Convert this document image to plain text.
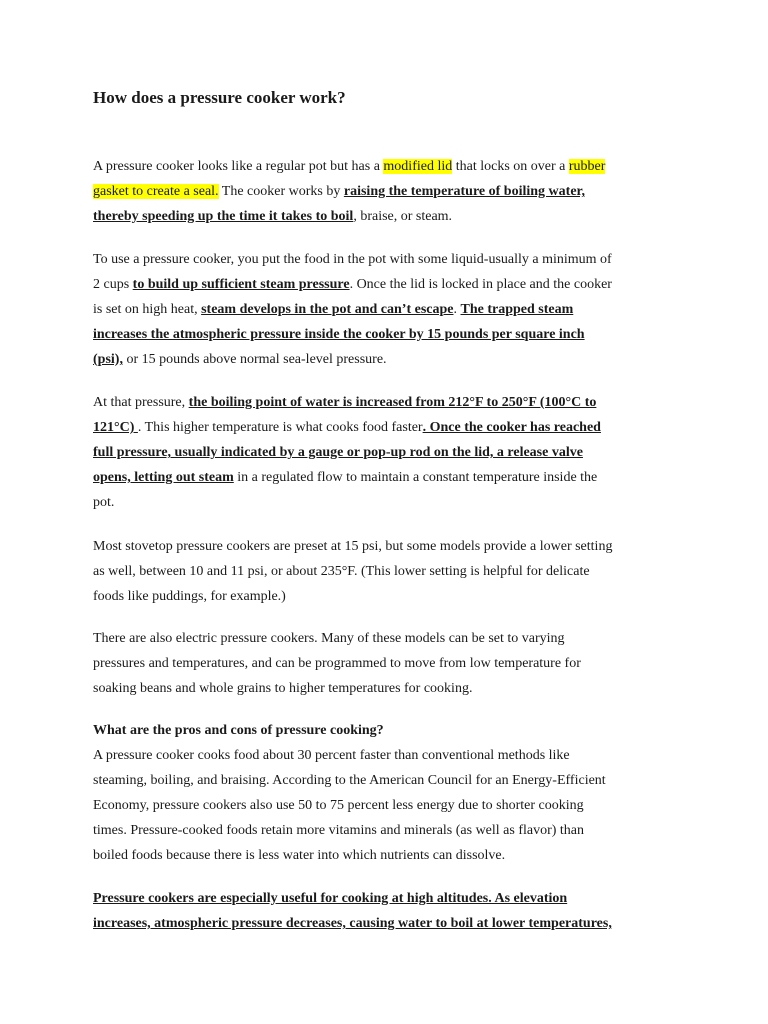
How does a pressure cooker work?

A pressure cooker looks like a regular pot but has a modified lid that locks on over a rubber
gasket to create a seal. The cooker works by raising the temperature of boiling water,
thereby speeding up the time it takes to boil, braise, or steam.

To use a pressure cooker, you put the food in the pot with some liquid-usually a minimum of
2 cups to build up sufficient steam pressure. Once the lid is locked in place and the cooker
is set on high heat, steam develops in the pot and can’t escape. The trapped steam
increases the atmospheric pressure inside the cooker by 15 pounds per square inch
(psi), or 15 pounds above normal sea-level pressure.

At that pressure, the boiling point of water is increased from 212°F to 250°F (100°C to
121°C) . This higher temperature is what cooks food faster. Once the cooker has reached
full pressure, usually indicated by a gauge or pop-up rod on the lid, a release valve
opens, letting out steam in a regulated flow to maintain a constant temperature inside the
pot.

Most stovetop pressure cookers are preset at 15 psi, but some models provide a lower setting
as well, between 10 and 11 psi, or about 235°F. (This lower setting is helpful for delicate
foods like puddings, for example.)

There are also electric pressure cookers. Many of these models can be set to varying
pressures and temperatures, and can be programmed to move from low temperature for
soaking beans and whole grains to higher temperatures for cooking.

What are the pros and cons of pressure cooking?

A pressure cooker cooks food about 30 percent faster than conventional methods like
steaming, boiling, and braising. According to the American Council for an Energy-Efficient
Economy, pressure cookers also use 50 to 75 percent less energy due to shorter cooking
times. Pressure-cooked foods retain more vitamins and minerals (as well as flavor) than
boiled foods because there is less water into which nutrients can dissolve.

Pressure cookers are especially useful for cooking at high altitudes. As elevation
increases, atmospheric pressure decreases, causing water to boil at lower temperatures,
